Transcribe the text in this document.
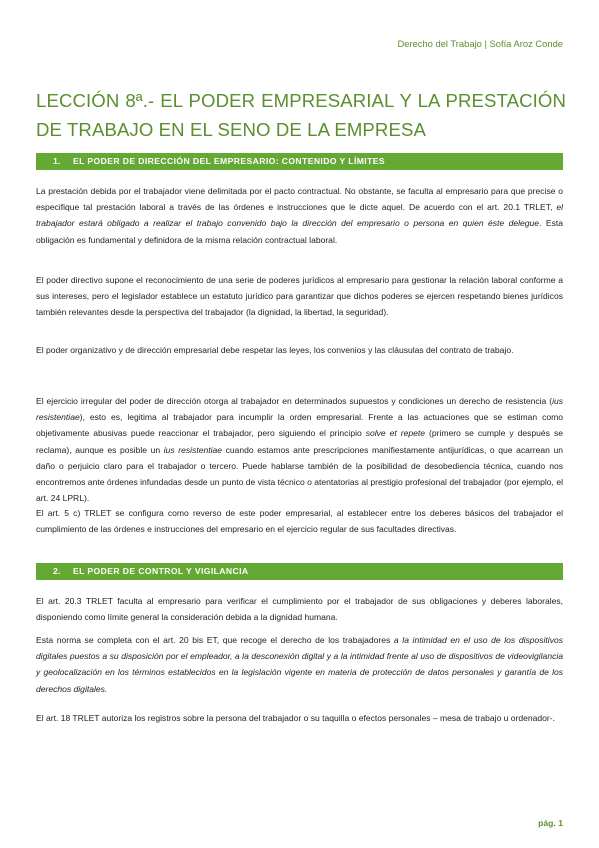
Derecho del Trabajo | Sofía Aroz Conde
LECCIÓN 8ª.- EL PODER EMPRESARIAL Y LA PRESTACIÓN DE TRABAJO EN EL SENO DE LA EMPRESA
1. EL PODER DE DIRECCIÓN DEL EMPRESARIO: CONTENIDO Y LÍMITES

La prestación debida por el trabajador viene delimitada por el pacto contractual. No obstante, se faculta al empresario para que precise o especifique tal prestación laboral a través de las órdenes e instrucciones que le dicte aquel. De acuerdo con el art. 20.1 TRLET, el trabajador estará obligado a realizar el trabajo convenido bajo la dirección del empresario o persona en quien éste delegue. Esta obligación es fundamental y definidora de la misma relación contractual laboral.

El poder directivo supone el reconocimiento de una serie de poderes jurídicos al empresario para gestionar la relación laboral conforme a sus intereses, pero el legislador establece un estatuto jurídico para garantizar que dichos poderes se ejercen respetando bienes jurídicos también relevantes desde la perspectiva del trabajador (la dignidad, la libertad, la seguridad).

El poder organizativo y de dirección empresarial debe respetar las leyes, los convenios y las cláusulas del contrato de trabajo.

El ejercicio irregular del poder de dirección otorga al trabajador en determinados supuestos y condiciones un derecho de resistencia (ius resistentiae), esto es, legitima al trabajador para incumplir la orden empresarial. Frente a las actuaciones que se estiman como objetivamente abusivas puede reaccionar el trabajador, pero siguiendo el principio solve et repete (primero se cumple y después se reclama), aunque es posible un ius resistentiae cuando estamos ante prescripciones manifiestamente antijurídicas, o que acarrean un daño o perjuicio claro para el trabajador o tercero. Puede hablarse también de la posibilidad de desobediencia técnica, cuando nos encontremos ante órdenes infundadas desde un punto de vista técnico o atentatorias al prestigio profesional del trabajador (por ejemplo, el art. 24 LPRL).

El art. 5 c) TRLET se configura como reverso de este poder empresarial, al establecer entre los deberes básicos del trabajador el cumplimiento de las órdenes e instrucciones del empresario en el ejercicio regular de sus facultades directivas.

2. EL PODER DE CONTROL Y VIGILANCIA

El art. 20.3 TRLET faculta al empresario para verificar el cumplimiento por el trabajador de sus obligaciones y deberes laborales, disponiendo como límite general la consideración debida a la dignidad humana.

Esta norma se completa con el art. 20 bis ET, que recoge el derecho de los trabajadores a la intimidad en el uso de los dispositivos digitales puestos a su disposición por el empleador, a la desconexión digital y a la intimidad frente al uso de dispositivos de videovigilancia y geolocalización en los términos establecidos en la legislación vigente en materia de protección de datos personales y garantía de los derechos digitales.

El art. 18 TRLET autoriza los registros sobre la persona del trabajador o su taquilla o efectos personales – mesa de trabajo u ordenador-.

pág. 1
